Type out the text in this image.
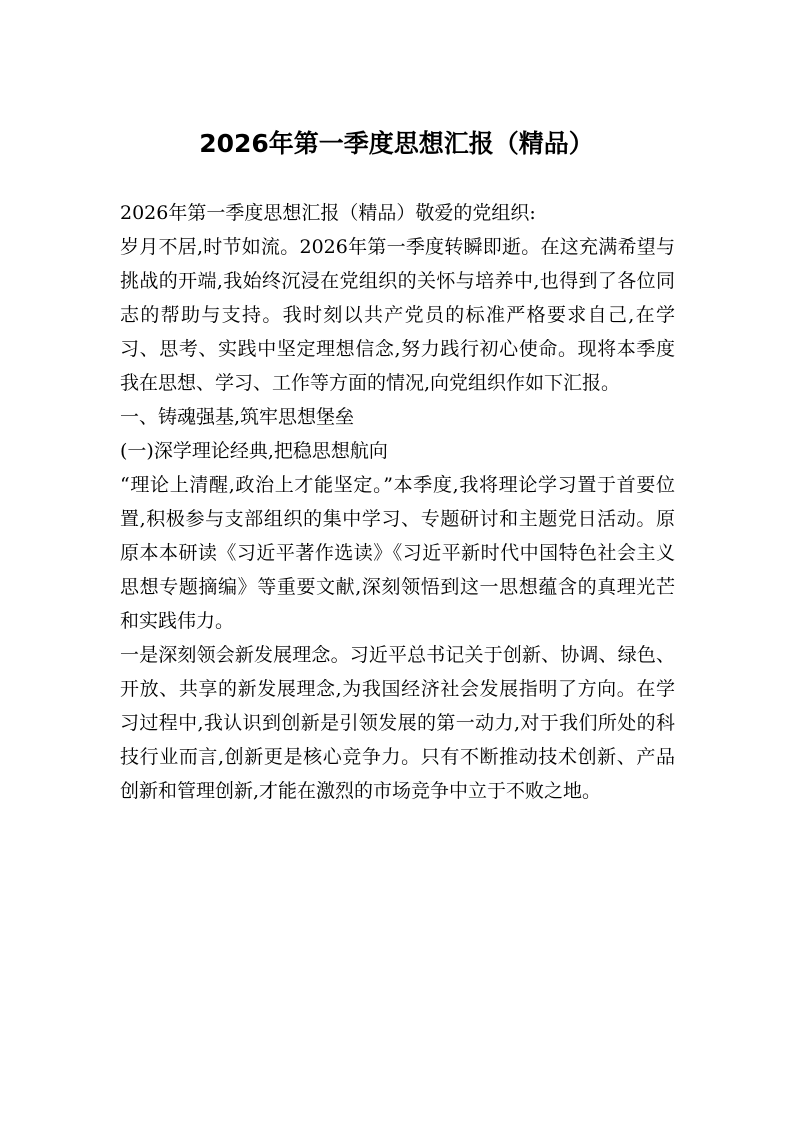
2026年第一季度思想汇报（精品）

2026年第一季度思想汇报（精品）敬爱的党组织:

岁月不居,时节如流。2026年第一季度转瞬即逝。在这充满希望与挑战的开端,我始终沉浸在党组织的关怀与培养中,也得到了各位同志的帮助与支持。我时刻以共产党员的标准严格要求自己,在学习、思考、实践中坚定理想信念,努力践行初心使命。现将本季度我在思想、学习、工作等方面的情况,向党组织作如下汇报。

一、铸魂强基,筑牢思想堡垒

(一)深学理论经典,把稳思想航向

“理论上清醒,政治上才能坚定。”本季度,我将理论学习置于首要位置,积极参与支部组织的集中学习、专题研讨和主题党日活动。原原本本研读《习近平著作选读》《习近平新时代中国特色社会主义思想专题摘编》等重要文献,深刻领悟到这一思想蕴含的真理光芒和实践伟力。

一是深刻领会新发展理念。习近平总书记关于创新、协调、绿色、开放、共享的新发展理念,为我国经济社会发展指明了方向。在学习过程中,我认识到创新是引领发展的第一动力,对于我们所处的科技行业而言,创新更是核心竞争力。只有不断推动技术创新、产品创新和管理创新,才能在激烈的市场竞争中立于不败之地。
